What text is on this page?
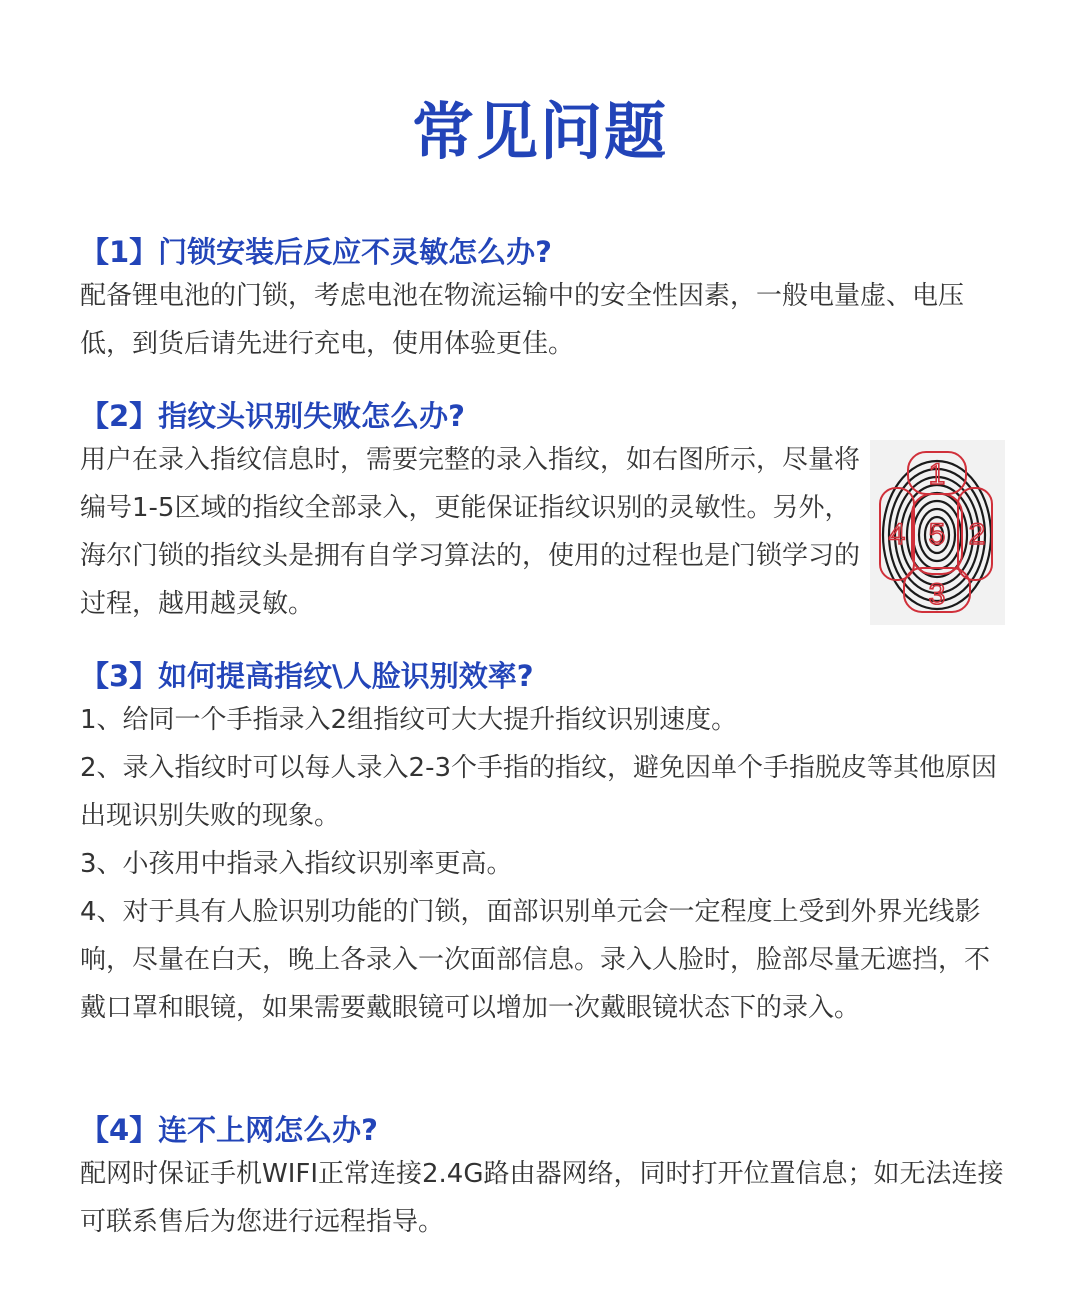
常见问题
【1】门锁安装后反应不灵敏怎么办?

配备锂电池的门锁，考虑电池在物流运输中的安全性因素，一般电量虚、电压低，到货后请先进行充电，使用体验更佳。

【2】指纹头识别失败怎么办?

用户在录入指纹信息时，需要完整的录入指纹，如右图所示，尽量将编号1-5区域的指纹全部录入，更能保证指纹识别的灵敏性。另外，海尔门锁的指纹头是拥有自学习算法的，使用的过程也是门锁学习的过程，越用越灵敏。

1
2
3
4 5
【3】如何提高指纹\人脸识别效率?

1、给同一个手指录入2组指纹可大大提升指纹识别速度。

2、录入指纹时可以每人录入2-3个手指的指纹，避免因单个手指脱皮等其他原因出现识别失败的现象。

3、小孩用中指录入指纹识别率更高。

4、对于具有人脸识别功能的门锁，面部识别单元会一定程度上受到外界光线影响，尽量在白天，晚上各录入一次面部信息。录入人脸时，脸部尽量无遮挡，不戴口罩和眼镜，如果需要戴眼镜可以增加一次戴眼镜状态下的录入。

【4】连不上网怎么办?

配网时保证手机WIFI正常连接2.4G路由器网络，同时打开位置信息；如无法连接可联系售后为您进行远程指导。
